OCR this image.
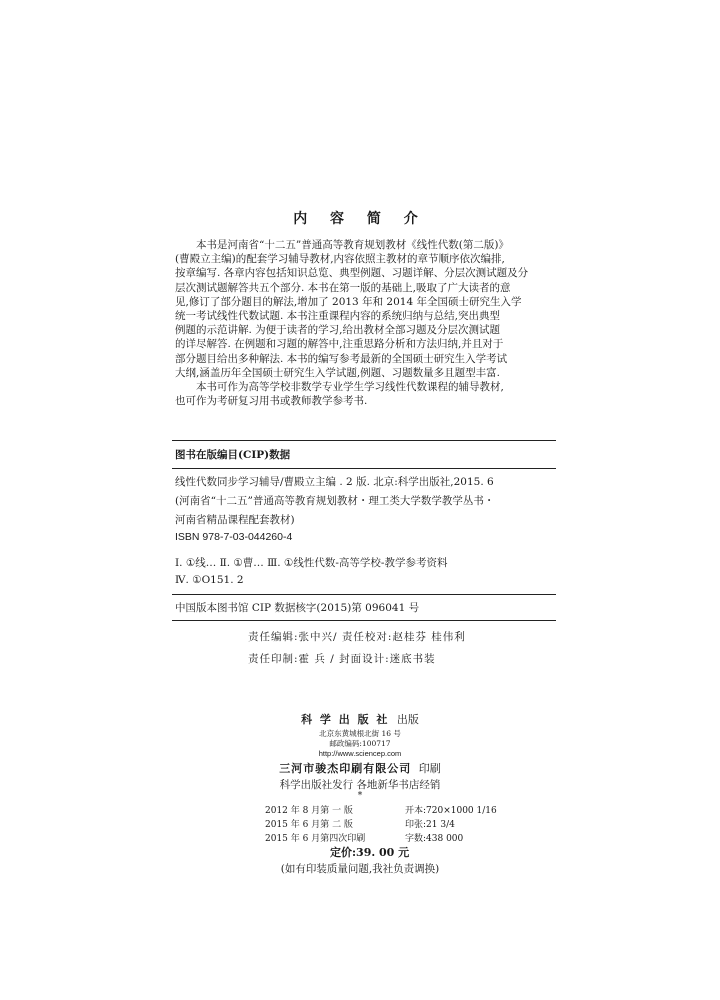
内 容 简 介
本书是河南省“十二五”普通高等教育规划教材《线性代数(第二版)》
(曹殿立主编)的配套学习辅导教材,内容依照主教材的章节顺序依次编排,
按章编写. 各章内容包括知识总览、典型例题、习题详解、分层次测试题及分
层次测试题解答共五个部分. 本书在第一版的基础上,吸取了广大读者的意
见,修订了部分题目的解法,增加了 2013 年和 2014 年全国硕士研究生入学
统一考试线性代数试题. 本书注重课程内容的系统归纳与总结,突出典型
例题的示范讲解. 为便于读者的学习,给出教材全部习题及分层次测试题
的详尽解答. 在例题和习题的解答中,注重思路分析和方法归纳,并且对于
部分题目给出多种解法. 本书的编写参考最新的全国硕士研究生入学考试
大纲,涵盖历年全国硕士研究生入学试题,例题、习题数量多且题型丰富.
本书可作为高等学校非数学专业学生学习线性代数课程的辅导教材,
也可作为考研复习用书或教师教学参考书.
图书在版编目(CIP)数据
线性代数同步学习辅导/曹殿立主编 . 2 版. 北京:科学出版社,2015. 6
(河南省“十二五”普通高等教育规划教材・理工类大学数学教学丛书・
河南省精品课程配套教材)
ISBN 978-7-03-044260-4
Ⅰ. ①线… Ⅱ. ①曹… Ⅲ. ①线性代数-高等学校-教学参考资料
Ⅳ. ①O151. 2
中国版本图书馆 CIP 数据核字(2015)第 096041 号
责任编辑:张中兴/ 责任校对:赵桂芬 桂伟利
责任印制:霍 兵 / 封面设计:迷底书装
科 学 出 版 社 出版
北京东黄城根北街 16 号
邮政编码:100717
http://www.sciencep.com
三河市骏杰印刷有限公司 印刷
科学出版社发行 各地新华书店经销
*
2012 年 8 月第 一 版	开本:720×1000 1/16
2015 年 6 月第 二 版	印张:21 3/4
2015 年 6 月第四次印刷	字数:438 000
定价:39. 00 元
(如有印装质量问题,我社负责调换)
